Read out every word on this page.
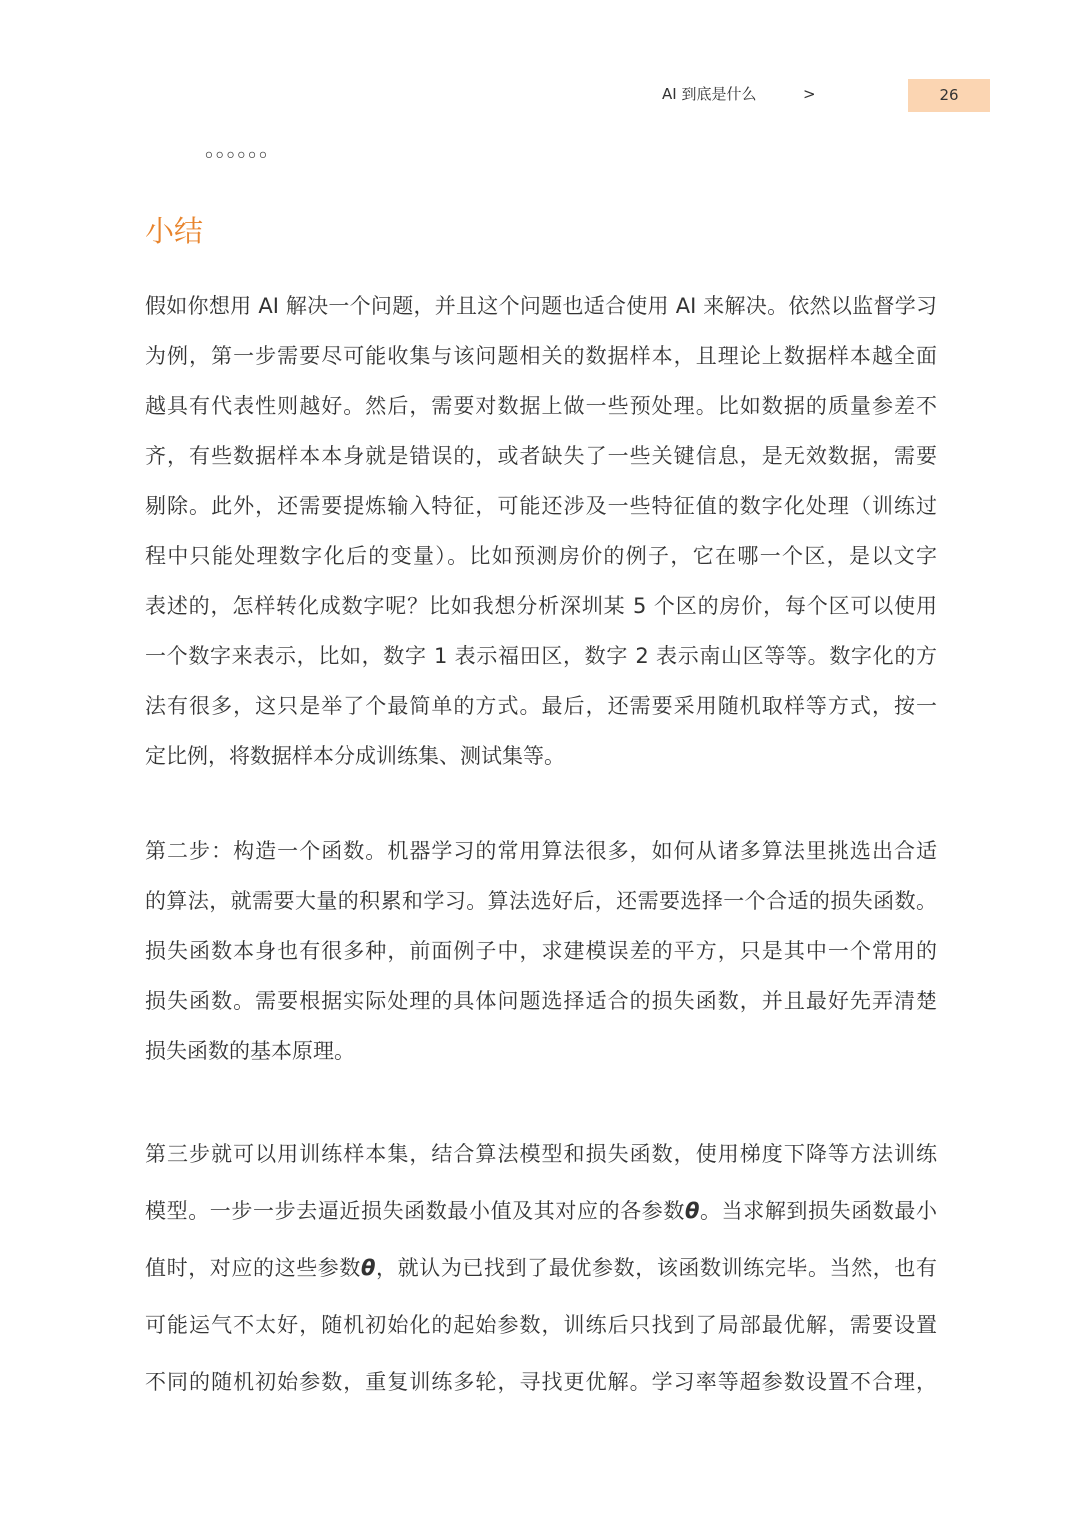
AI 到底是什么	>	26
。。。。。。
小结
假如你想用 AI 解决一个问题，并且这个问题也适合使用 AI 来解决。依然以监督学习
为例，第一步需要尽可能收集与该问题相关的数据样本，且理论上数据样本越全面
越具有代表性则越好。然后，需要对数据上做一些预处理。比如数据的质量参差不
齐，有些数据样本本身就是错误的，或者缺失了一些关键信息，是无效数据，需要
剔除。此外，还需要提炼输入特征，可能还涉及一些特征值的数字化处理（训练过
程中只能处理数字化后的变量）。比如预测房价的例子，它在哪一个区，是以文字
表述的，怎样转化成数字呢？比如我想分析深圳某 5 个区的房价，每个区可以使用
一个数字来表示，比如，数字 1 表示福田区，数字 2 表示南山区等等。数字化的方
法有很多，这只是举了个最简单的方式。最后，还需要采用随机取样等方式，按一
定比例，将数据样本分成训练集、测试集等。
第二步：构造一个函数。机器学习的常用算法很多，如何从诸多算法里挑选出合适
的算法，就需要大量的积累和学习。算法选好后，还需要选择一个合适的损失函数。
损失函数本身也有很多种，前面例子中，求建模误差的平方，只是其中一个常用的
损失函数。需要根据实际处理的具体问题选择适合的损失函数，并且最好先弄清楚
损失函数的基本原理。
第三步就可以用训练样本集，结合算法模型和损失函数，使用梯度下降等方法训练
模型。一步一步去逼近损失函数最小值及其对应的各参数θ。当求解到损失函数最小
值时，对应的这些参数θ，就认为已找到了最优参数，该函数训练完毕。当然，也有
可能运气不太好，随机初始化的起始参数，训练后只找到了局部最优解，需要设置
不同的随机初始参数，重复训练多轮，寻找更优解。学习率等超参数设置不合理，
